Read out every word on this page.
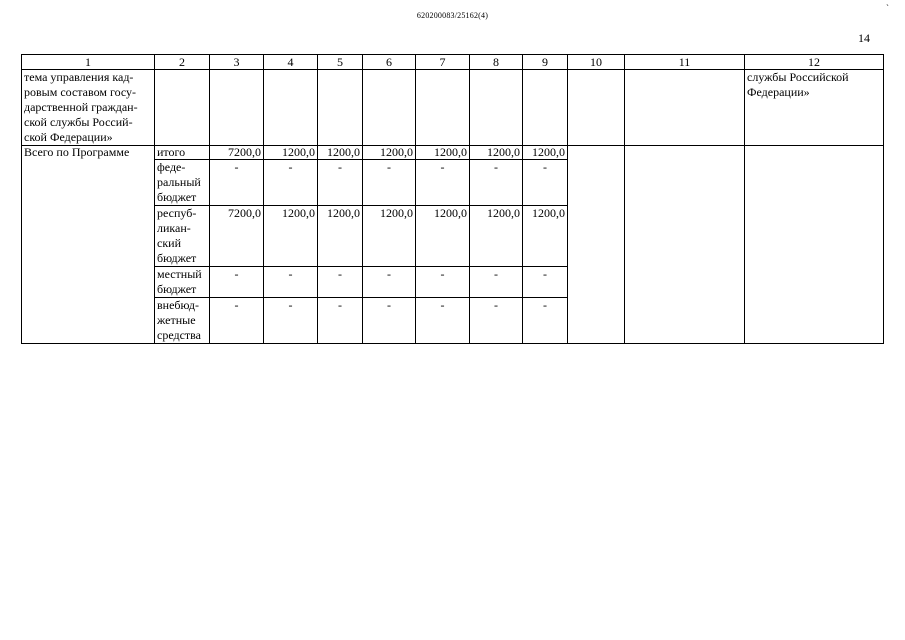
620200083/25162(4)
`
14
1	2	3	4	5	6	7	8	9	10	11	12
тема управления кад-
ровым составом госу-
дарственной граждан-
ской службы Россий-
ской Федерации»											службы Российской
Федерации»
Всего по Программе	итого	7200,0	1200,0	1200,0	1200,0	1200,0	1200,0	1200,0			
	феде-
ральный
бюджет	-	-	-	-	-	-	-			
	респуб-
ликан-
ский
бюджет	7200,0	1200,0	1200,0	1200,0	1200,0	1200,0	1200,0			
	местный
бюджет	-	-	-	-	-	-	-			
	внебюд-
жетные
средства	-	-	-	-	-	-	-			
